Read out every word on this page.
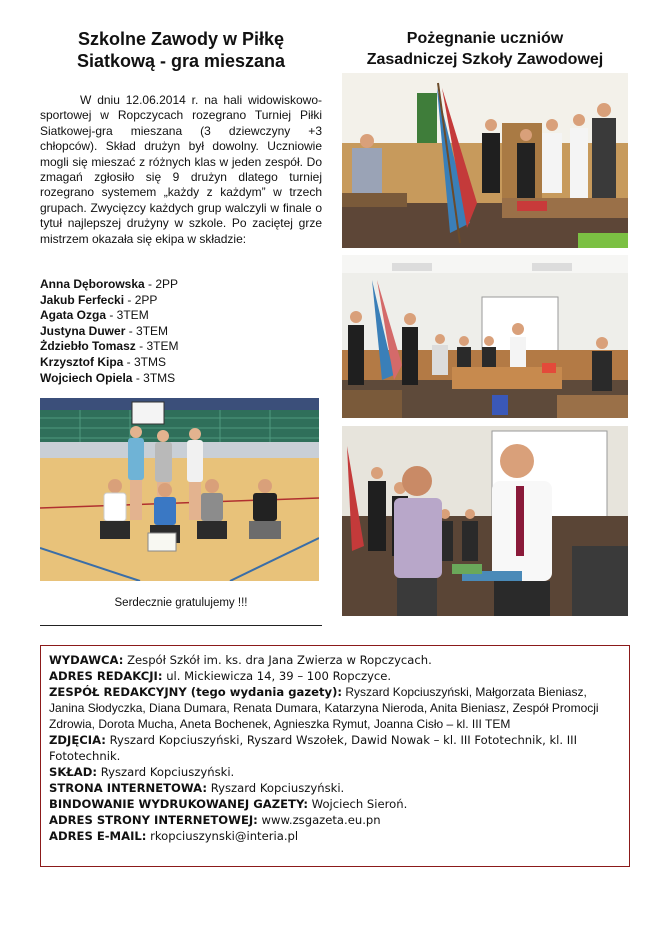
Szkolne Zawody w Piłkę
Siatkową - gra mieszana

W dniu 12.06.2014 r. na hali widowiskowo-sportowej w Ropczycach rozegrano Turniej Piłki Siatkowej-gra mieszana (3 dziewczyny +3 chłopców). Skład drużyn był dowolny. Uczniowie mogli się mieszać z różnych klas w jeden zespół. Do zmagań zgłosiło się 9 drużyn dlatego turniej rozegrano systemem „każdy z każdym” w trzech grupach. Zwycięzcy każdych grup walczyli w finale o tytuł najlepszej drużyny w szkole. Po zaciętej grze mistrzem okazała się ekipa w składzie:

Anna Dęborowska - 2PP
Jakub Ferfecki - 2PP
Agata Ozga - 3TEM
Justyna Duwer - 3TEM
Żdziebło Tomasz - 3TEM
Krzysztof Kipa - 3TMS
Wojciech Opiela - 3TMS
Serdecznie gratulujemy !!!
Pożegnanie uczniów
Zasadniczej Szkoły Zawodowej

WYDAWCA: Zespół Szkół im. ks. dra Jana Zwierza w Ropczycach.

ADRES REDAKCJI: ul. Mickiewicza 14, 39 – 100 Ropczyce.

ZESPÓŁ REDAKCYJNY (tego wydania gazety): Ryszard Kopciuszyński, Małgorzata Bieniasz, Janina Słodyczka, Diana Dumara, Renata Dumara, Katarzyna Nieroda, Anita Bieniasz, Zespół Promocji Zdrowia, Dorota Mucha, Aneta Bochenek, Agnieszka Rymut, Joanna Cisło – kl. III TEM

ZDJĘCIA: Ryszard Kopciuszyński, Ryszard Wszołek, Dawid Nowak – kl. III Fototechnik, kl. III Fototechnik.

SKŁAD: Ryszard Kopciuszyński.

STRONA INTERNETOWA: Ryszard Kopciuszyński.

BINDOWANIE WYDRUKOWANEJ GAZETY: Wojciech Sieroń.

ADRES STRONY INTERNETOWEJ: www.zsgazeta.eu.pn

ADRES E-MAIL: rkopciuszynski@interia.pl
